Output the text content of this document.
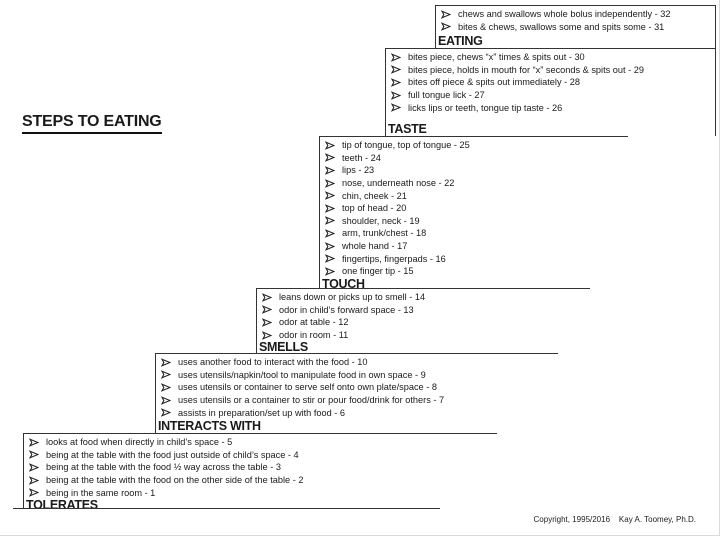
STEPS TO EATING
chews and swallows whole bolus independently - 32
bites & chews, swallows some and spits some - 31
EATING
bites piece, chews “x” times & spits out - 30
bites piece, holds in mouth for “x” seconds & spits out - 29
bites off piece & spits out immediately - 28
full tongue lick - 27
licks lips or teeth, tongue tip taste - 26
TASTE
tip of tongue, top of tongue - 25
teeth - 24
lips - 23
nose, underneath nose - 22
chin, cheek - 21
top of head - 20
shoulder, neck - 19
arm, trunk/chest - 18
whole hand - 17
fingertips, fingerpads - 16
one finger tip - 15
TOUCH
leans down or picks up to smell - 14
odor in child’s forward space - 13
odor at table - 12
odor in room - 11
SMELLS
uses another food to interact with the food - 10
uses utensils/napkin/tool to manipulate food in own space - 9
uses utensils or container to serve self onto own plate/space - 8
uses utensils or a container to stir or pour food/drink for others - 7
assists in preparation/set up with food - 6
INTERACTS WITH
looks at food when directly in child’s space - 5
being at the table with the food just outside of child’s space - 4
being at the table with the food ½ way across the table - 3
being at the table with the food on the other side of the table - 2
being in the same room - 1
TOLERATES
Copyright, 1995/2016    Kay A. Toomey, Ph.D.
